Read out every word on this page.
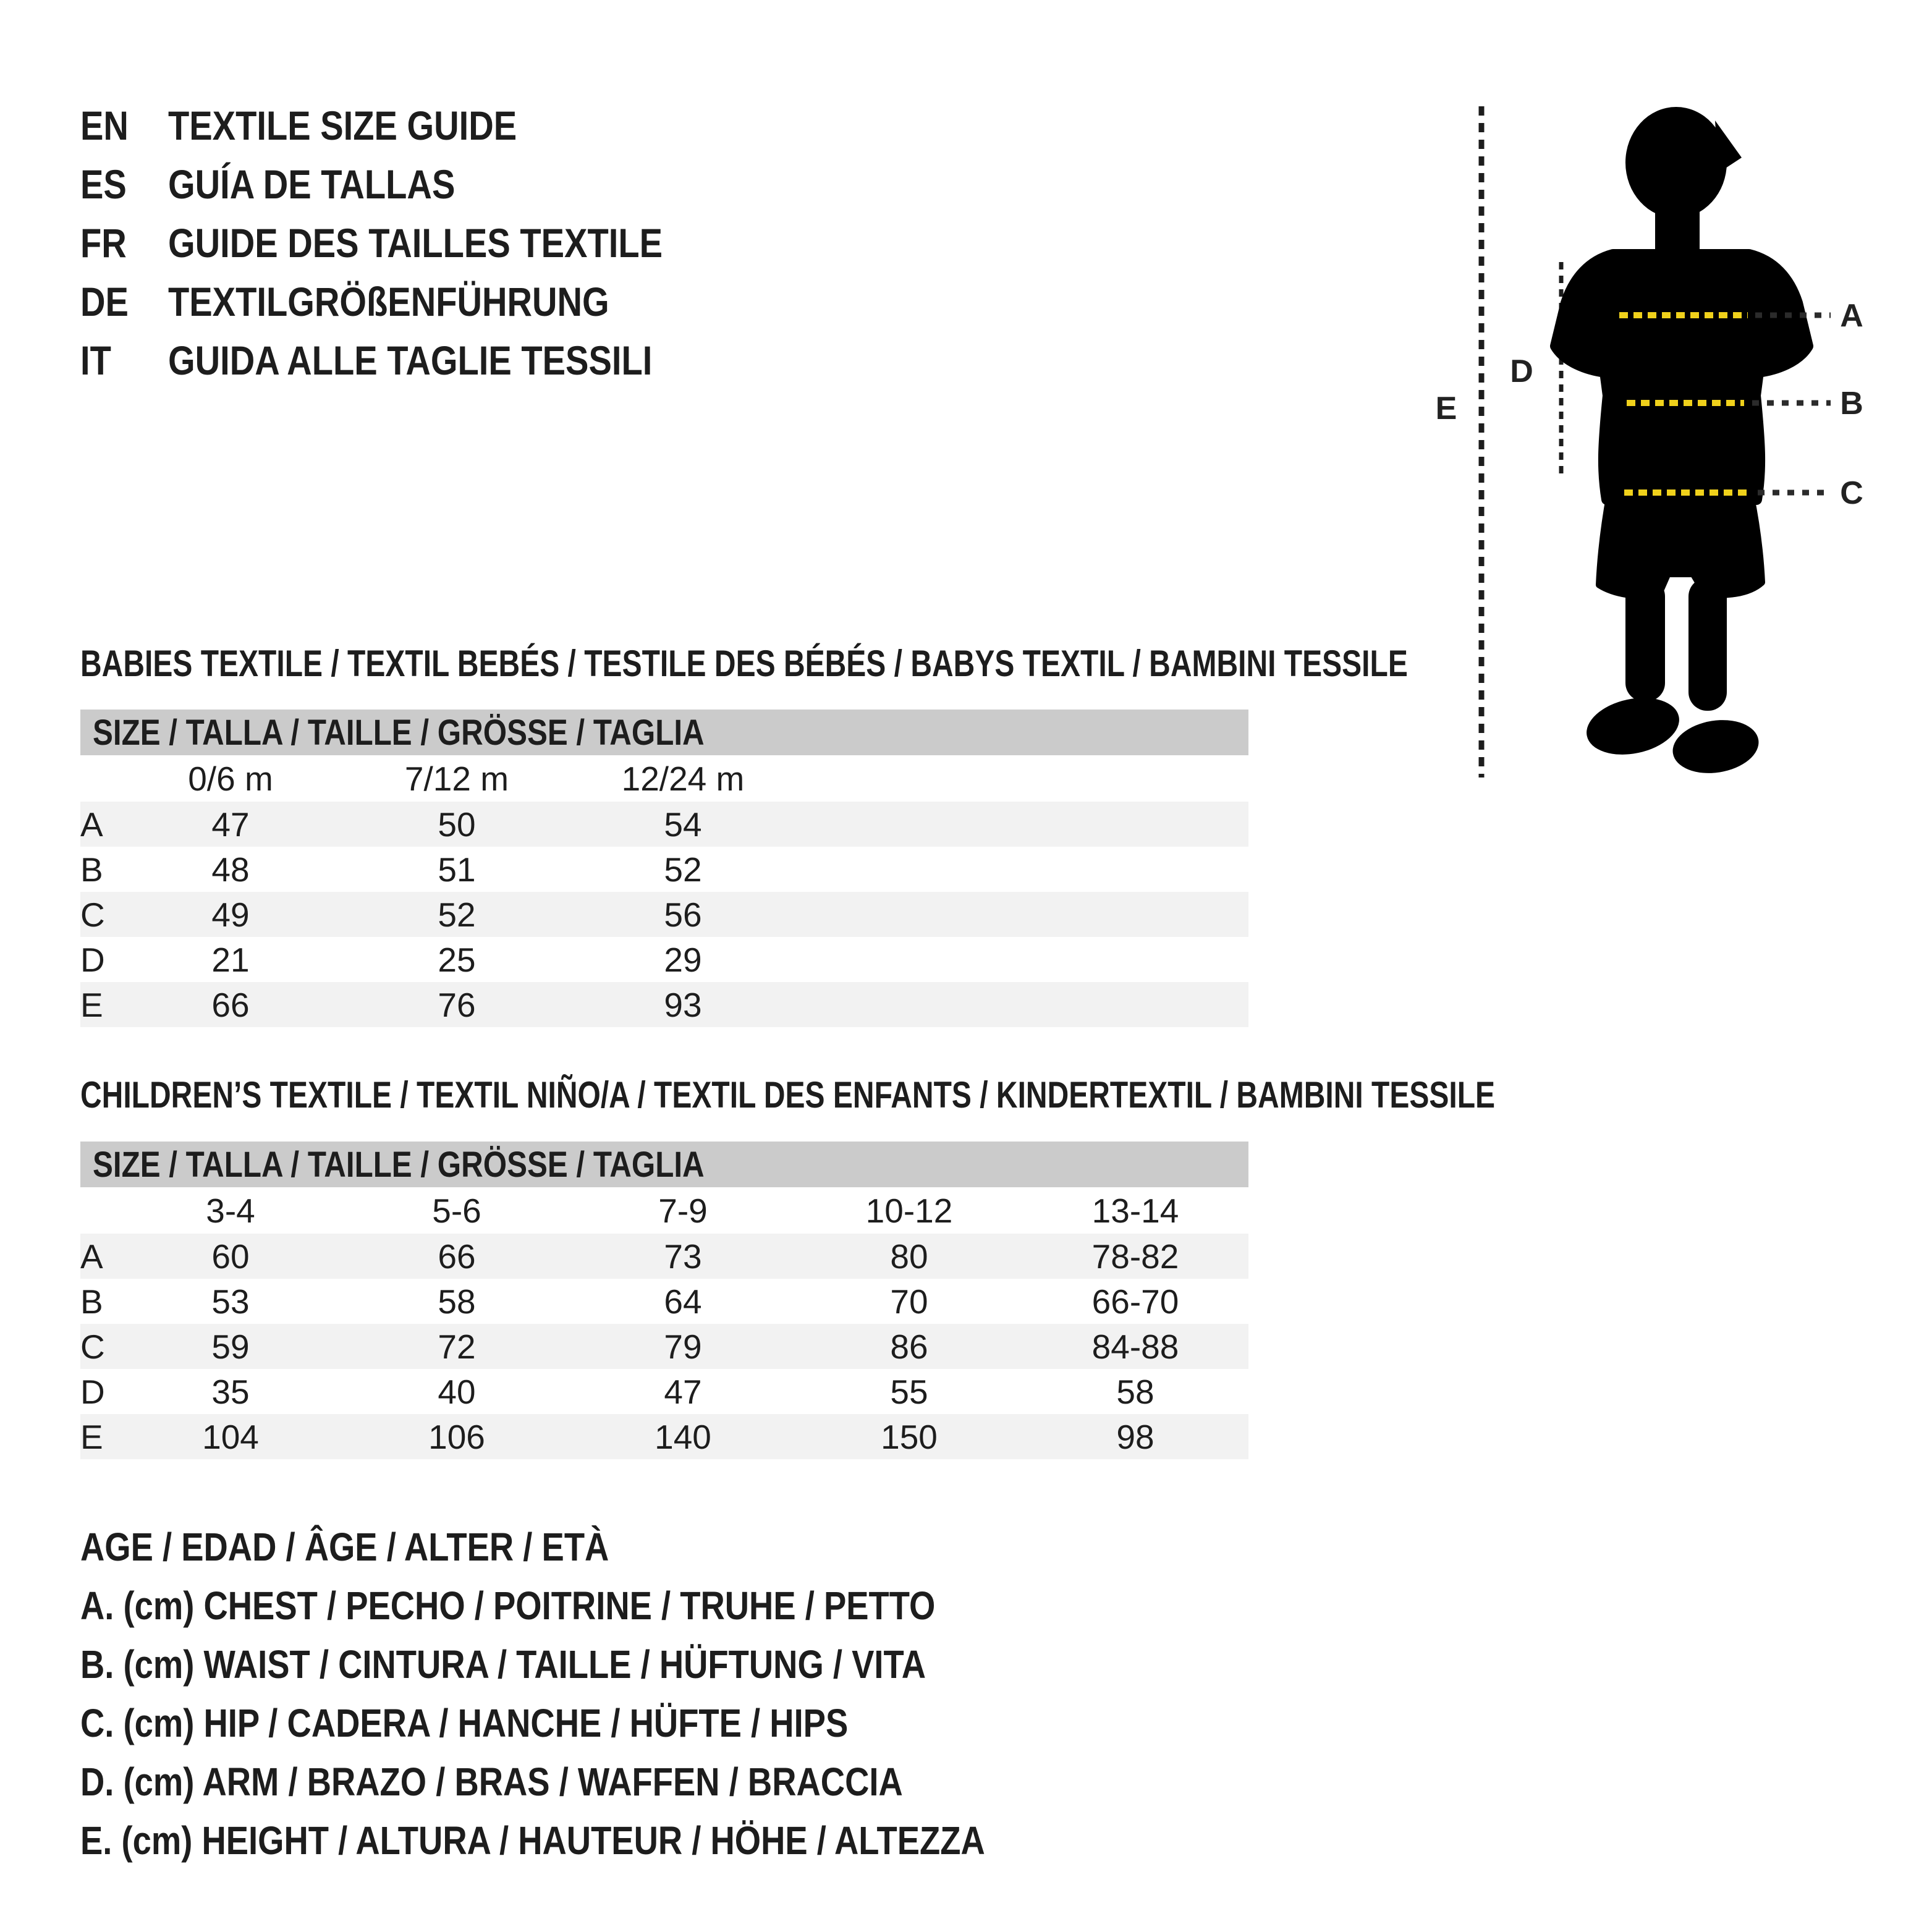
EN TEXTILE SIZE GUIDE
ES	GUÍA DE TALLAS
FR	GUIDE DES TAILLES TEXTILE
DE TEXTILGRÖßENFÜHRUNG
IT	GUIDA ALLE TAGLIE TESSILI
E
D
A
B
C
BABIES TEXTILE / TEXTIL BEBÉS / TESTILE DES BÉBÉS / BABYS TEXTIL / BAMBINI TESSILE
SIZE / TALLA / TAILLE / GRÖSSE / TAGLIA
0/6 m	7/12 m	12/24 m
A	47	50	54
B	48	51	52
C	49	52	56
D	21	25	29
E	66	76	93
CHILDREN’S TEXTILE / TEXTIL NIÑO/A / TEXTIL DES ENFANTS / KINDERTEXTIL / BAMBINI TESSILE
SIZE / TALLA / TAILLE / GRÖSSE / TAGLIA
3-4	5-6	7-9	10-12	13-14
A	60	66	73	80	78-82
B	53	58	64	70	66-70
C	59	72	79	86	84-88
D	35	40	47	55	58
E	104	106	140	150	98
AGE / EDAD / ÂGE / ALTER / ETÀ
A. (cm) CHEST / PECHO / POITRINE / TRUHE / PETTO
B. (cm) WAIST / CINTURA / TAILLE / HÜFTUNG / VITA
C. (cm) HIP / CADERA / HANCHE / HÜFTE / HIPS
D. (cm) ARM / BRAZO / BRAS / WAFFEN / BRACCIA
E. (cm) HEIGHT / ALTURA / HAUTEUR / HÖHE / ALTEZZA
